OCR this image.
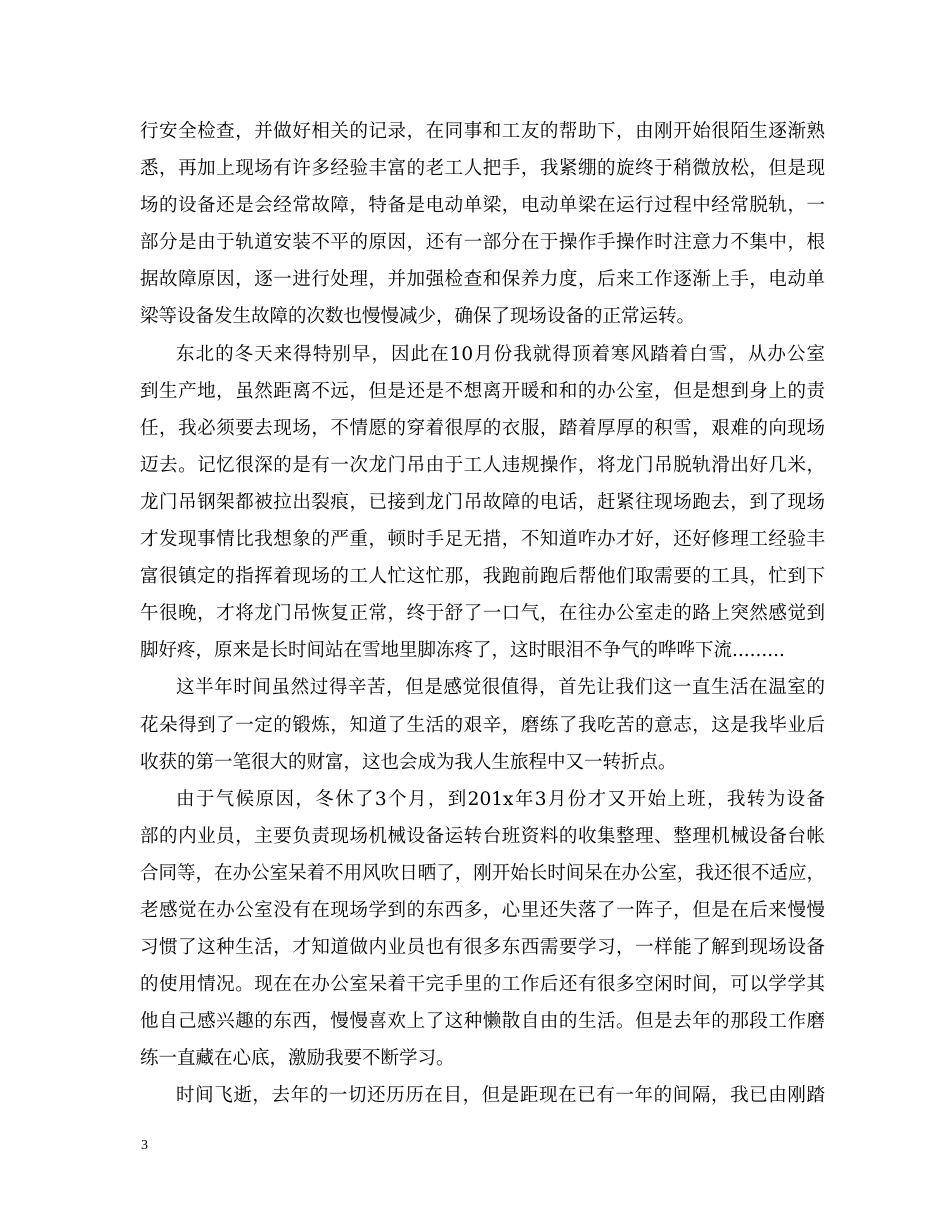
行安全检查，并做好相关的记录，在同事和工友的帮助下，由刚开始很陌生逐渐熟
悉，再加上现场有许多经验丰富的老工人把手，我紧绷的旋终于稍微放松，但是现
场的设备还是会经常故障，特备是电动单梁，电动单梁在运行过程中经常脱轨，一
部分是由于轨道安装不平的原因，还有一部分在于操作手操作时注意力不集中，根
据故障原因，逐一进行处理，并加强检查和保养力度，后来工作逐渐上手，电动单
梁等设备发生故障的次数也慢慢减少，确保了现场设备的正常运转。
东北的冬天来得特别早，因此在10月份我就得顶着寒风踏着白雪，从办公室
到生产地，虽然距离不远，但是还是不想离开暖和和的办公室，但是想到身上的责
任，我必须要去现场，不情愿的穿着很厚的衣服，踏着厚厚的积雪，艰难的向现场
迈去。记忆很深的是有一次龙门吊由于工人违规操作，将龙门吊脱轨滑出好几米，
龙门吊钢架都被拉出裂痕，已接到龙门吊故障的电话，赶紧往现场跑去，到了现场
才发现事情比我想象的严重，顿时手足无措，不知道咋办才好，还好修理工经验丰
富很镇定的指挥着现场的工人忙这忙那，我跑前跑后帮他们取需要的工具，忙到下
午很晚，才将龙门吊恢复正常，终于舒了一口气，在往办公室走的路上突然感觉到
脚好疼，原来是长时间站在雪地里脚冻疼了，这时眼泪不争气的哗哗下流.........
这半年时间虽然过得辛苦，但是感觉很值得，首先让我们这一直生活在温室的
花朵得到了一定的锻炼，知道了生活的艰辛，磨练了我吃苦的意志，这是我毕业后
收获的第一笔很大的财富，这也会成为我人生旅程中又一转折点。
由于气候原因，冬休了3个月，到201x年3月份才又开始上班，我转为设备
部的内业员，主要负责现场机械设备运转台班资料的收集整理、整理机械设备台帐
合同等，在办公室呆着不用风吹日晒了，刚开始长时间呆在办公室，我还很不适应，
老感觉在办公室没有在现场学到的东西多，心里还失落了一阵子，但是在后来慢慢
习惯了这种生活，才知道做内业员也有很多东西需要学习，一样能了解到现场设备
的使用情况。现在在办公室呆着干完手里的工作后还有很多空闲时间，可以学学其
他自己感兴趣的东西，慢慢喜欢上了这种懒散自由的生活。但是去年的那段工作磨
练一直藏在心底，激励我要不断学习。
时间飞逝，去年的一切还历历在目，但是距现在已有一年的间隔，我已由刚踏
3
